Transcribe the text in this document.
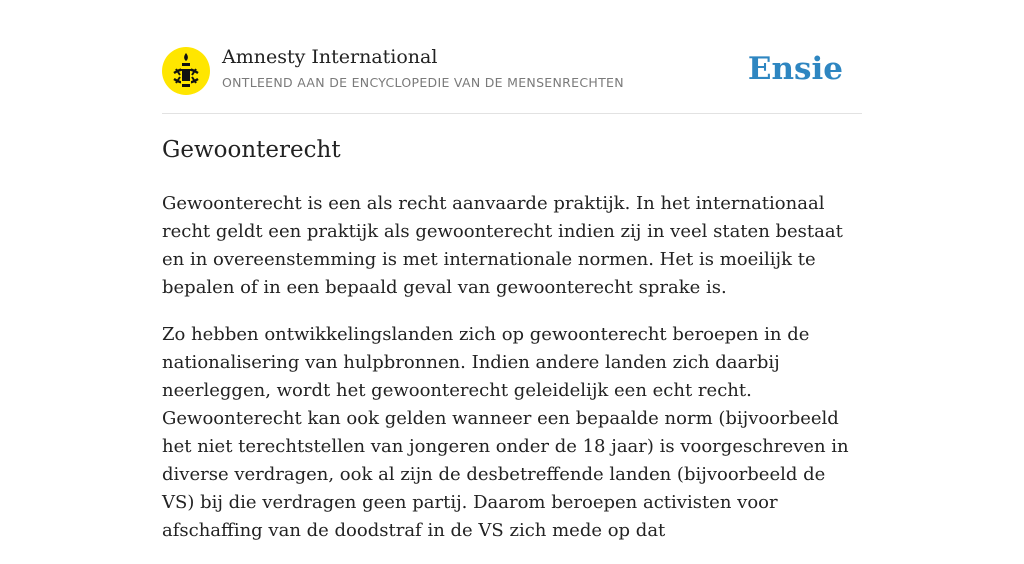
Amnesty International
ONTLEEND AAN DE ENCYCLOPEDIE VAN DE MENSENRECHTEN	Ensie
Gewoonterecht

Gewoonterecht is een als recht aanvaarde praktijk. In het internationaal recht geldt een praktijk als gewoonterecht indien zij in veel staten bestaat en in overeenstemming is met internationale normen. Het is moeilijk te bepalen of in een bepaald geval van gewoonterecht sprake is.

Zo hebben ontwikkelingslanden zich op gewoonterecht beroepen in de nationalisering van hulpbronnen. Indien andere landen zich daarbij neerleggen, wordt het gewoonterecht geleidelijk een echt recht. Gewoonterecht kan ook gelden wanneer een bepaalde norm (bijvoorbeeld het niet terechtstellen van jongeren onder de 18 jaar) is voorgeschreven in diverse verdragen, ook al zijn de desbetreffende landen (bijvoorbeeld de VS) bij die verdragen geen partij. Daarom beroepen activisten voor afschaffing van de doodstraf in de VS zich mede op dat
